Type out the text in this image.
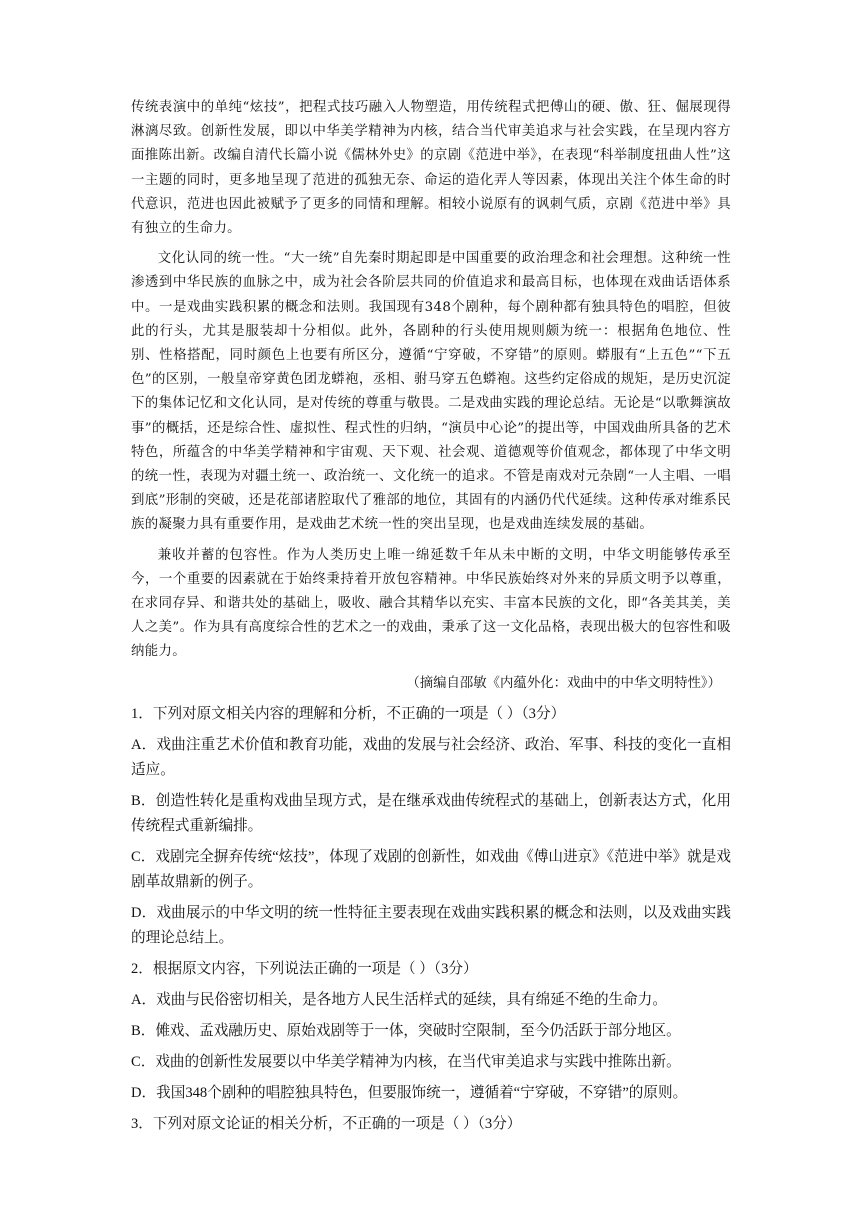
传统表演中的单纯“炫技”，把程式技巧融入人物塑造，用传统程式把傅山的硬、傲、狂、倔展现得淋漓尽致。创新性发展，即以中华美学精神为内核，结合当代审美追求与社会实践，在呈现内容方面推陈出新。改编自清代长篇小说《儒林外史》的京剧《范进中举》，在表现“科举制度扭曲人性”这一主题的同时，更多地呈现了范进的孤独无奈、命运的造化弄人等因素，体现出关注个体生命的时代意识，范进也因此被赋予了更多的同情和理解。相较小说原有的讽刺气质，京剧《范进中举》具有独立的生命力。

文化认同的统一性。“大一统”自先秦时期起即是中国重要的政治理念和社会理想。这种统一性渗透到中华民族的血脉之中，成为社会各阶层共同的价值追求和最高目标，也体现在戏曲话语体系中。一是戏曲实践积累的概念和法则。我国现有348个剧种，每个剧种都有独具特色的唱腔，但彼此的行头，尤其是服装却十分相似。此外，各剧种的行头使用规则颇为统一：根据角色地位、性别、性格搭配，同时颜色上也要有所区分，遵循“宁穿破，不穿错”的原则。蟒服有“上五色”“下五色”的区别，一般皇帝穿黄色团龙蟒袍，丞相、驸马穿五色蟒袍。这些约定俗成的规矩，是历史沉淀下的集体记忆和文化认同，是对传统的尊重与敬畏。二是戏曲实践的理论总结。无论是“以歌舞演故事”的概括，还是综合性、虚拟性、程式性的归纳，“演员中心论”的提出等，中国戏曲所具备的艺术特色，所蕴含的中华美学精神和宇宙观、天下观、社会观、道德观等价值观念，都体现了中华文明的统一性，表现为对疆土统一、政治统一、文化统一的追求。不管是南戏对元杂剧“一人主唱、一唱到底”形制的突破，还是花部诸腔取代了雅部的地位，其固有的内涵仍代代延续。这种传承对维系民族的凝聚力具有重要作用，是戏曲艺术统一性的突出呈现，也是戏曲连续发展的基础。

兼收并蓄的包容性。作为人类历史上唯一绵延数千年从未中断的文明，中华文明能够传承至今，一个重要的因素就在于始终秉持着开放包容精神。中华民族始终对外来的异质文明予以尊重，在求同存异、和谐共处的基础上，吸收、融合其精华以充实、丰富本民族的文化，即“各美其美，美人之美”。作为具有高度综合性的艺术之一的戏曲，秉承了这一文化品格，表现出极大的包容性和吸纳能力。

（摘编自邵敏《内蕴外化：戏曲中的中华文明特性》）

1．下列对原文相关内容的理解和分析，不正确的一项是（ ）（3分）

A．戏曲注重艺术价值和教育功能，戏曲的发展与社会经济、政治、军事、科技的变化一直相适应。

B．创造性转化是重构戏曲呈现方式，是在继承戏曲传统程式的基础上，创新表达方式，化用传统程式重新编排。

C．戏剧完全摒弃传统“炫技”，体现了戏剧的创新性，如戏曲《傅山进京》《范进中举》就是戏剧革故鼎新的例子。

D．戏曲展示的中华文明的统一性特征主要表现在戏曲实践积累的概念和法则，以及戏曲实践的理论总结上。

2．根据原文内容，下列说法正确的一项是（ ）（3分）

A．戏曲与民俗密切相关，是各地方人民生活样式的延续，具有绵延不绝的生命力。

B．傩戏、孟戏融历史、原始戏剧等于一体，突破时空限制，至今仍活跃于部分地区。

C．戏曲的创新性发展要以中华美学精神为内核，在当代审美追求与实践中推陈出新。

D．我国348个剧种的唱腔独具特色，但要服饰统一，遵循着“宁穿破，不穿错”的原则。

3．下列对原文论证的相关分析，不正确的一项是（ ）（3分）
